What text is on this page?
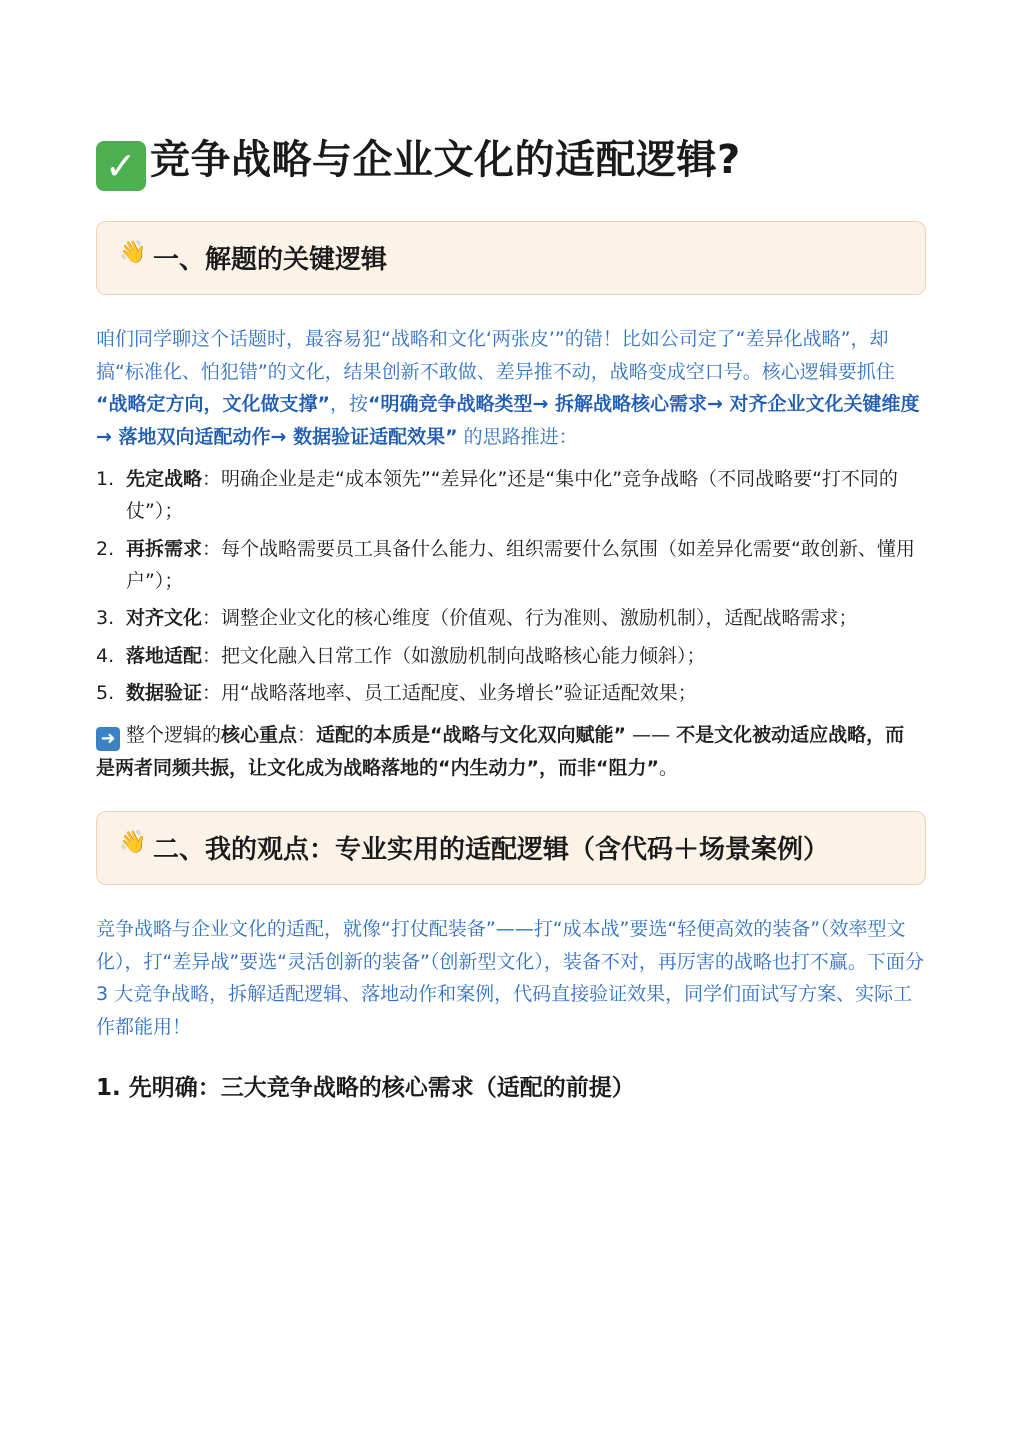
✓ 竞争战略与企业文化的适配逻辑?
👋 一、解题的关键逻辑
咱们同学聊这个话题时，最容易犯“战略和文化‘两张皮’”的错！比如公司定了“差异化战略”，却搞“标准化、怕犯错”的文化，结果创新不敢做、差异推不动，战略变成空口号。核心逻辑要抓住 “战略定方向，文化做支撑”，按“明确竞争战略类型→ 拆解战略核心需求→ 对齐企业文化关键维度→ 落地双向适配动作→ 数据验证适配效果” 的思路推进：
1. 先定战略：明确企业是走“成本领先”“差异化”还是“集中化”竞争战略（不同战略要“打不同的仗”）；
2. 再拆需求：每个战略需要员工具备什么能力、组织需要什么氛围（如差异化需要“敢创新、懂用户”）；
3. 对齐文化：调整企业文化的核心维度（价值观、行为准则、激励机制），适配战略需求；
4. 落地适配：把文化融入日常工作（如激励机制向战略核心能力倾斜）；
5. 数据验证：用“战略落地率、员工适配度、业务增长”验证适配效果；
➜ 整个逻辑的核心重点：适配的本质是“战略与文化双向赋能” —— 不是文化被动适应战略，而是两者同频共振，让文化成为战略落地的“内生动力”，而非“阻力”。
👋 二、我的观点：专业实用的适配逻辑（含代码＋场景案例）
竞争战略与企业文化的适配，就像“打仗配装备”——打“成本战”要选“轻便高效的装备”（效率型文化），打“差异战”要选“灵活创新的装备”（创新型文化），装备不对，再厉害的战略也打不赢。下面分 3 大竞争战略，拆解适配逻辑、落地动作和案例，代码直接验证效果，同学们面试写方案、实际工作都能用！
1. 先明确：三大竞争战略的核心需求（适配的前提）
